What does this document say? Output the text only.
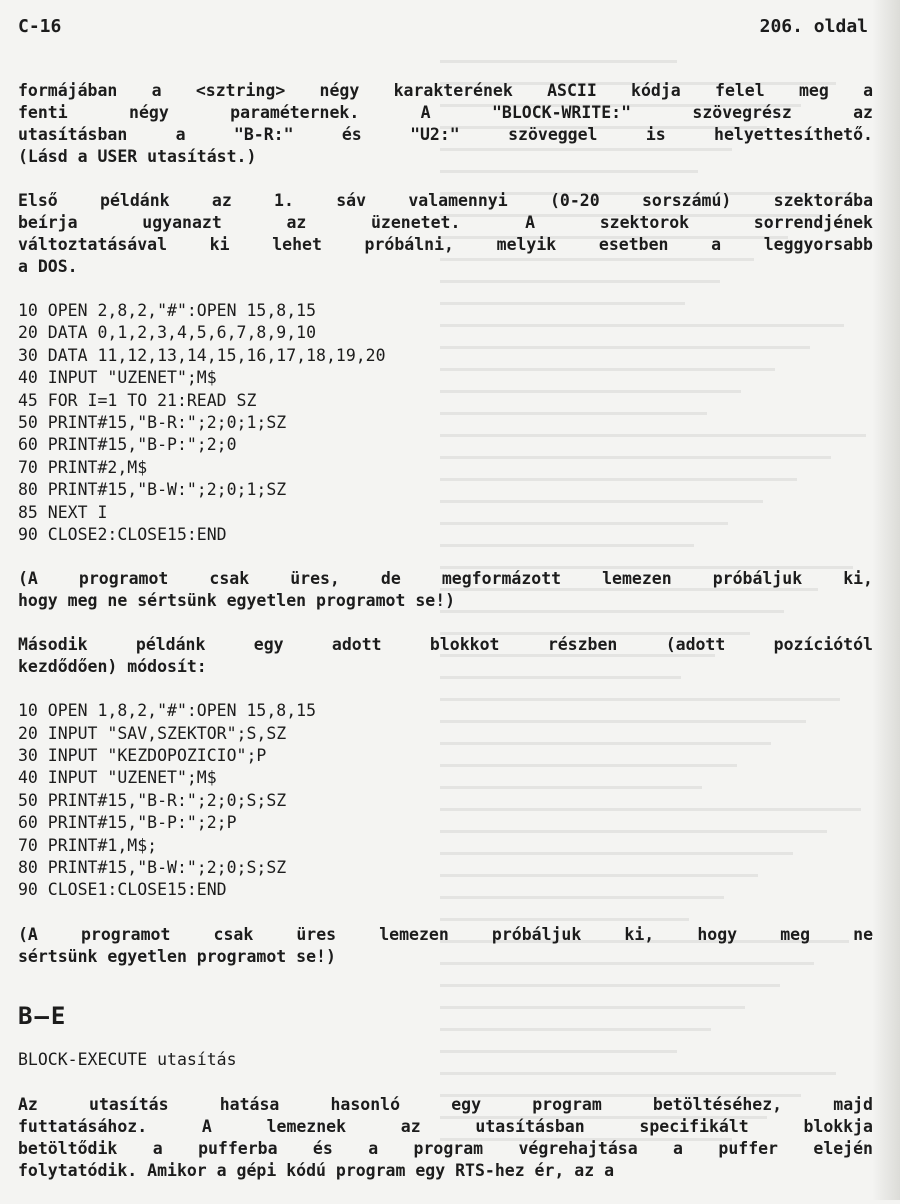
C-16	206. oldal
formájában a <sztring> négy karakterének ASCII kódja felel meg a
fenti négy paraméternek. A "BLOCK-WRITE:" szövegrész az
utasításban a "B-R:" és "U2:" szöveggel is helyettesíthető.
(Lásd a USER utasítást.)
Első példánk az 1. sáv valamennyi (0-20 sorszámú) szektorába
beírja ugyanazt az üzenetet. A szektorok sorrendjének
változtatásával ki lehet próbálni, melyik esetben a leggyorsabb
a DOS.
10 OPEN 2,8,2,"#":OPEN 15,8,15
20 DATA 0,1,2,3,4,5,6,7,8,9,10
30 DATA 11,12,13,14,15,16,17,18,19,20
40 INPUT "UZENET";M$
45 FOR I=1 TO 21:READ SZ
50 PRINT#15,"B-R:";2;0;1;SZ
60 PRINT#15,"B-P:";2;0
70 PRINT#2,M$
80 PRINT#15,"B-W:";2;0;1;SZ
85 NEXT I
90 CLOSE2:CLOSE15:END
(A programot csak üres, de megformázott lemezen próbáljuk ki,
hogy meg ne sértsünk egyetlen programot se!)
Második példánk egy adott blokkot részben (adott pozíciótól
kezdődően) módosít:
10 OPEN 1,8,2,"#":OPEN 15,8,15
20 INPUT "SAV,SZEKTOR";S,SZ
30 INPUT "KEZDOPOZICIO";P
40 INPUT "UZENET";M$
50 PRINT#15,"B-R:";2;0;S;SZ
60 PRINT#15,"B-P:";2;P
70 PRINT#1,M$;
80 PRINT#15,"B-W:";2;0;S;SZ
90 CLOSE1:CLOSE15:END
(A programot csak üres lemezen próbáljuk ki, hogy meg ne
sértsünk egyetlen programot se!)
B—E
BLOCK-EXECUTE utasítás
Az utasítás hatása hasonló egy program betöltéséhez, majd
futtatásához. A lemeznek az utasításban specifikált blokkja
betöltődik a pufferba és a program végrehajtása a puffer elején
folytatódik. Amikor a gépi kódú program egy RTS-hez ér, az a
